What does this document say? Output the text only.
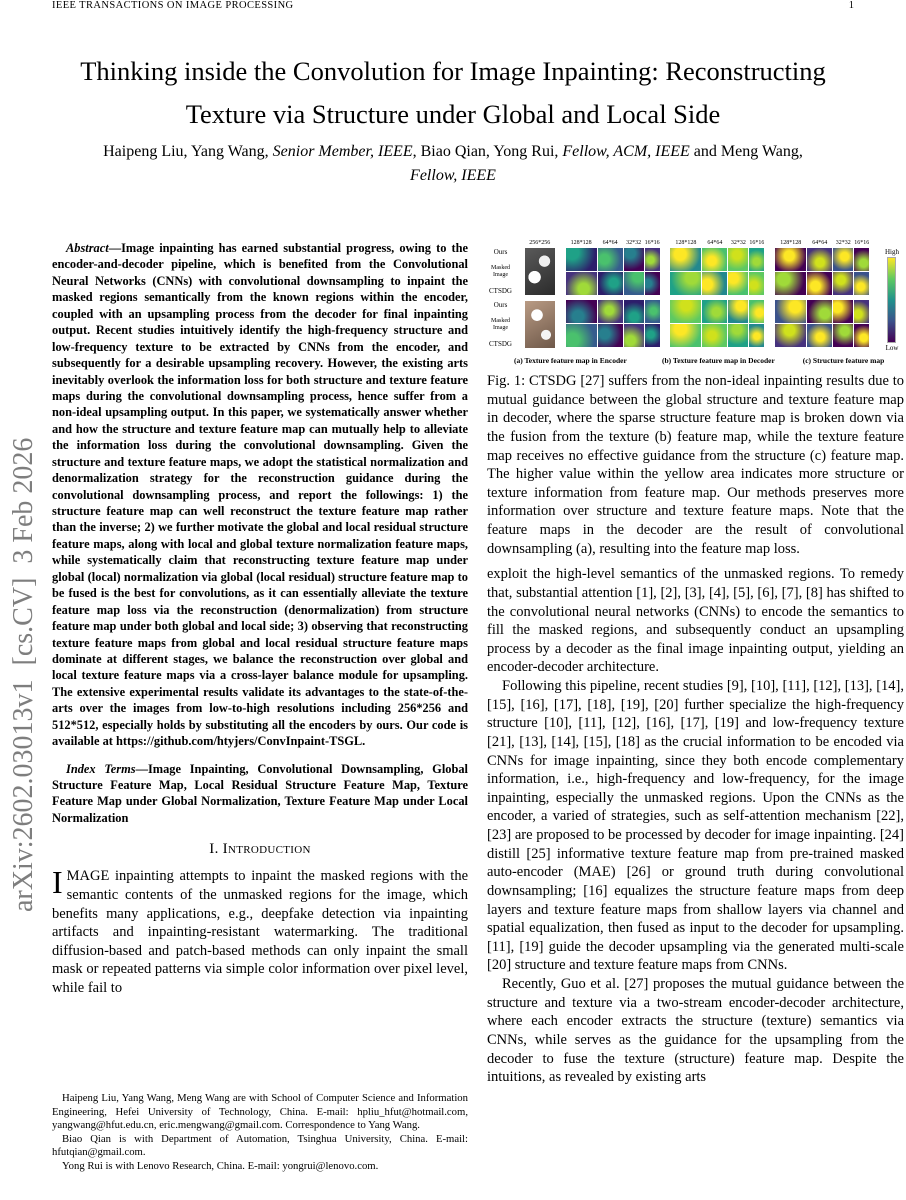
IEEE TRANSACTIONS ON IMAGE PROCESSING	1
arXiv:2602.03013v1  [cs.CV]  3 Feb 2026
Thinking inside the Convolution for Image Inpainting: Reconstructing Texture via Structure under Global and Local Side
Haipeng Liu, Yang Wang, Senior Member, IEEE, Biao Qian, Yong Rui, Fellow, ACM, IEEE and Meng Wang,
Fellow, IEEE

Abstract—Image inpainting has earned substantial progress, owing to the encoder-and-decoder pipeline, which is benefited from the Convolutional Neural Networks (CNNs) with convolutional downsampling to inpaint the masked regions semantically from the known regions within the encoder, coupled with an upsampling process from the decoder for final inpainting output. Recent studies intuitively identify the high-frequency structure and low-frequency texture to be extracted by CNNs from the encoder, and subsequently for a desirable upsampling recovery. However, the existing arts inevitably overlook the information loss for both structure and texture feature maps during the convolutional downsampling process, hence suffer from a non-ideal upsampling output. In this paper, we systematically answer whether and how the structure and texture feature map can mutually help to alleviate the information loss during the convolutional downsampling. Given the structure and texture feature maps, we adopt the statistical normalization and denormalization strategy for the reconstruction guidance during the convolutional downsampling process, and report the followings: 1) the structure feature map can well reconstruct the texture feature map rather than the inverse; 2) we further motivate the global and local residual structure feature maps, along with local and global texture normalization feature maps, while systematically claim that reconstructing texture feature map under global (local) normalization via global (local residual) structure feature map to be fused is the best for convolutions, as it can essentially alleviate the texture feature map loss via the reconstruction (denormalization) from structure feature map under both global and local side; 3) observing that reconstructing texture feature maps from global and local residual structure feature maps dominate at different stages, we balance the reconstruction over global and local texture feature maps via a cross-layer balance module for upsampling. The extensive experimental results validate its advantages to the state-of-the-arts over the images from low-to-high resolutions including 256*256 and 512*512, especially holds by substituting all the encoders by ours. Our code is available at https://github.com/htyjers/ConvInpaint-TSGL.

Index Terms—Image Inpainting, Convolutional Downsampling, Global Structure Feature Map, Local Residual Structure Feature Map, Texture Feature Map under Global Normalization, Texture Feature Map under Local Normalization

I. Introduction

IMAGE inpainting attempts to inpaint the masked regions with the semantic contents of the unmasked regions for the image, which benefits many applications, e.g., deepfake detection via inpainting artifacts and inpainting-resistant watermarking. The traditional diffusion-based and patch-based methods can only inpaint the small mask or repeated patterns via simple color information over pixel level, while fail to

Haipeng Liu, Yang Wang, Meng Wang are with School of Computer Science and Information Engineering, Hefei University of Technology, China. E-mail: hpliu_hfut@hotmail.com, yangwang@hfut.edu.cn, eric.mengwang@gmail.com. Correspondence to Yang Wang.

Biao Qian is with Department of Automation, Tsinghua University, China. E-mail: hfutqian@gmail.com.

Yong Rui is with Lenovo Research, China. E-mail: yongrui@lenovo.com.

Ours
Masked Image
CTSDG
Ours
Masked Image
CTSDG
256*256	128*128	64*64	32*32 16*16	128*128	64*64	32*32 16*16	128*128	64*64	32*32 16*16
High
Low
(a) Texture feature map in Encoder	(b) Texture feature map in Decoder	(c) Structure feature map

Fig. 1: CTSDG [27] suffers from the non-ideal inpainting results due to mutual guidance between the global structure and texture feature map in decoder, where the sparse structure feature map is broken down via the fusion from the texture (b) feature map, while the texture feature map receives no effective guidance from the structure (c) feature map. The higher value within the yellow area indicates more structure or texture information from feature map. Our methods preserves more information over structure and texture feature maps. Note that the feature maps in the decoder are the result of convolutional downsampling (a), resulting into the feature map loss.

exploit the high-level semantics of the unmasked regions. To remedy that, substantial attention [1], [2], [3], [4], [5], [6], [7], [8] has shifted to the convolutional neural networks (CNNs) to encode the semantics to fill the masked regions, and subsequently conduct an upsampling process by a decoder as the final image inpainting output, yielding an encoder-decoder architecture.

Following this pipeline, recent studies [9], [10], [11], [12], [13], [14], [15], [16], [17], [18], [19], [20] further specialize the high-frequency structure [10], [11], [12], [16], [17], [19] and low-frequency texture [21], [13], [14], [15], [18] as the crucial information to be encoded via CNNs for image inpainting, since they both encode complementary information, i.e., high-frequency and low-frequency, for the image inpainting, especially the unmasked regions. Upon the CNNs as the encoder, a varied of strategies, such as self-attention mechanism [22], [23] are proposed to be processed by decoder for image inpainting. [24] distill [25] informative texture feature map from pre-trained masked auto-encoder (MAE) [26] or ground truth during convolutional downsampling; [16] equalizes the structure feature maps from deep layers and texture feature maps from shallow layers via channel and spatial equalization, then fused as input to the decoder for upsampling. [11], [19] guide the decoder upsampling via the generated multi-scale [20] structure and texture feature maps from CNNs.

Recently, Guo et al. [27] proposes the mutual guidance between the structure and texture via a two-stream encoder-decoder architecture, where each encoder extracts the structure (texture) semantics via CNNs, while serves as the guidance for the upsampling from the decoder to fuse the texture (structure) feature map. Despite the intuitions, as revealed by existing arts
